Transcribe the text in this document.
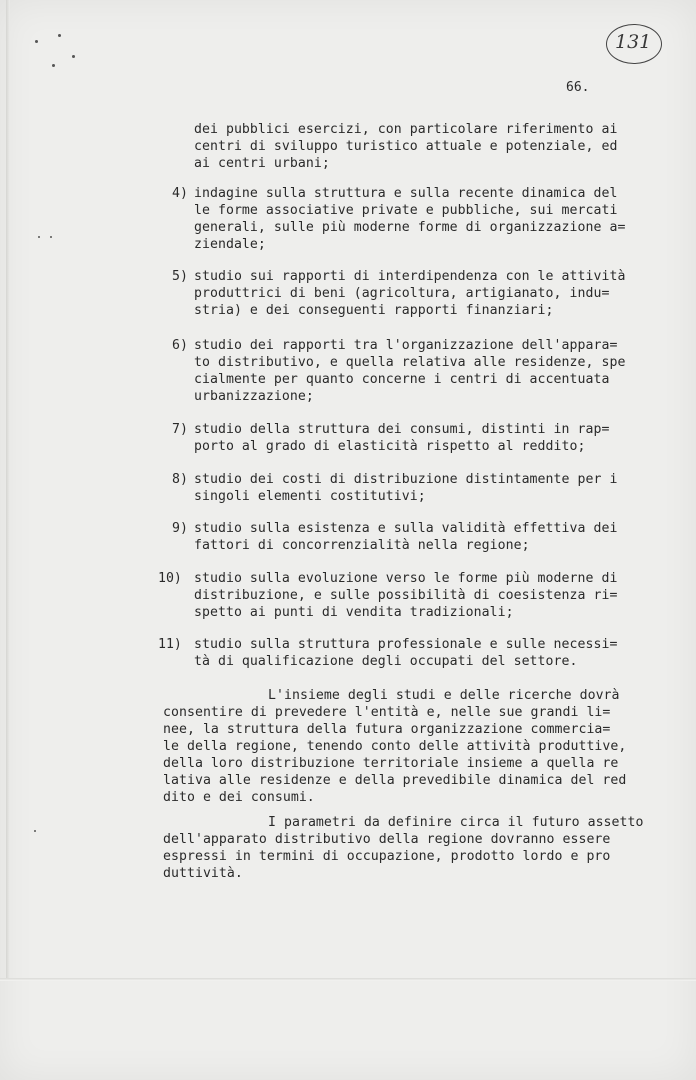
131
66.
dei pubblici esercizi, con particolare riferimento ai
centri di sviluppo turistico attuale e potenziale, ed
ai centri urbani;
4) indagine sulla struttura e sulla recente dinamica del
le forme associative private e pubbliche, sui mercati
generali, sulle più moderne forme di organizzazione a=
ziendale;
5) studio sui rapporti di interdipendenza con le attività
produttrici di beni (agricoltura, artigianato, indu=
stria) e dei conseguenti rapporti finanziari;
6) studio dei rapporti tra l'organizzazione dell'appara=
to distributivo, e quella relativa alle residenze, spe
cialmente per quanto concerne i centri di accentuata
urbanizzazione;
7) studio della struttura dei consumi, distinti in rap=
porto al grado di elasticità rispetto al reddito;
8) studio dei costi di distribuzione distintamente per i
singoli elementi costitutivi;
9) studio sulla esistenza e sulla validità effettiva dei
fattori di concorrenzialità nella regione;
10) studio sulla evoluzione verso le forme più moderne di
distribuzione, e sulle possibilità di coesistenza ri=
spetto ai punti di vendita tradizionali;
11) studio sulla struttura professionale e sulle necessi=
tà di qualificazione degli occupati del settore.
L'insieme degli studi e delle ricerche dovrà
consentire di prevedere l'entità e, nelle sue grandi li=
nee, la struttura della futura organizzazione commercia=
le della regione, tenendo conto delle attività produttive,
della loro distribuzione territoriale insieme a quella re
lativa alle residenze e della prevedibile dinamica del red
dito e dei consumi.
I parametri da definire circa il futuro assetto
dell'apparato distributivo della regione dovranno essere
espressi in termini di occupazione, prodotto lordo e pro
duttività.
